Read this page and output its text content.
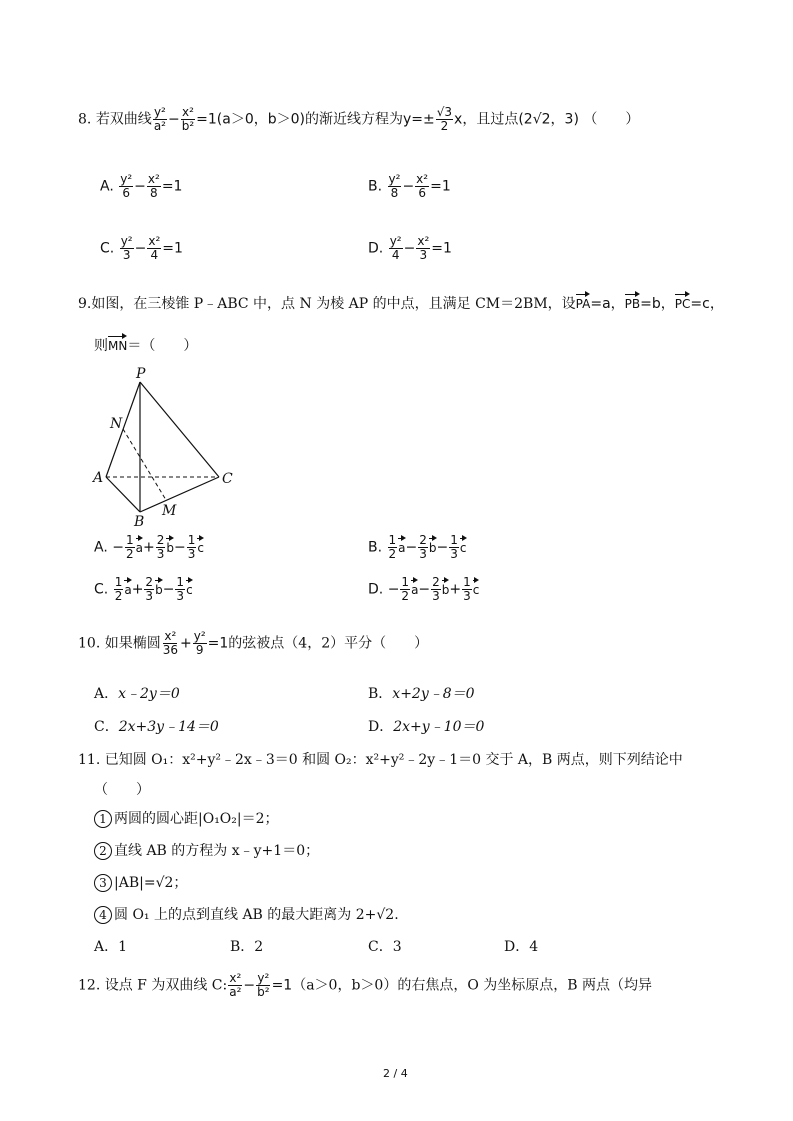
8. 若双曲线 $\frac{\text{y²}}{\text{a²}} - \frac{\text{x²}}{\text{b²}} =1(a>0$，b＞0)的渐近线方程为$y=\pm \frac{√3}{2}$ x，且过点(2√2，3) （　　）
A. $\frac{\text{y²}}{6} - \frac{\text{x²}}{8} =1$	B. $\frac{\text{y²}}{8} - \frac{\text{x²}}{6} =1$
C. $\frac{\text{y²}}{3} - \frac{\text{x²}}{4} =1$	D. $\frac{\text{y²}}{4} - \frac{\text{x²}}{3} =1$
9.如图，在三棱锥 P﹣ABC 中，点 N 为棱 AP 的中点，且满足 CM＝2BM，设PA=a，PB=b，PC=c，
则MN＝（　　）
P
N
A	C
B
M
A. − $\frac{1}{2} a+ \frac{2}{3} b- \frac{1}{3}$ c	B. $\frac{1}{2} a- \frac{2}{3} b- \frac{1}{3}$ c
C. $\frac{1}{2} a+ \frac{2}{3} b- \frac{1}{3}$ c	D. − $\frac{1}{2} a- \frac{2}{3} b+ \frac{1}{3}$ c
10. 如果椭圆 $\frac{\text{x²}}{36} + \frac{\text{y²}}{9} =1$的弦被点（4，2）平分（　　）
A．x﹣2y＝0	B．x+2y﹣8＝0
C．2x+3y﹣14＝0	D．2x+y﹣10＝0
11. 已知圆 O₁：x²+y²﹣2x﹣3＝0 和圆 O₂：x²+y²﹣2y﹣1＝0 交于 A，B 两点，则下列结论中
（　　）
1 两圆的圆心距|O₁O₂|＝2；
2 直线 AB 的方程为 x﹣y+1＝0；
3 |AB|=√2；
4 圆 O₁ 上的点到直线 AB 的最大距离为 2+√2.
A．1	B．2	C．3	D．4
12. 设点 F 为双曲线 C: $\frac{\text{x²}}{\text{a²}} - \frac{\text{y²}}{\text{b²}} =1(a>0$，b＞0）的右焦点，O 为坐标原点，B 两点（均异
2 / 4
